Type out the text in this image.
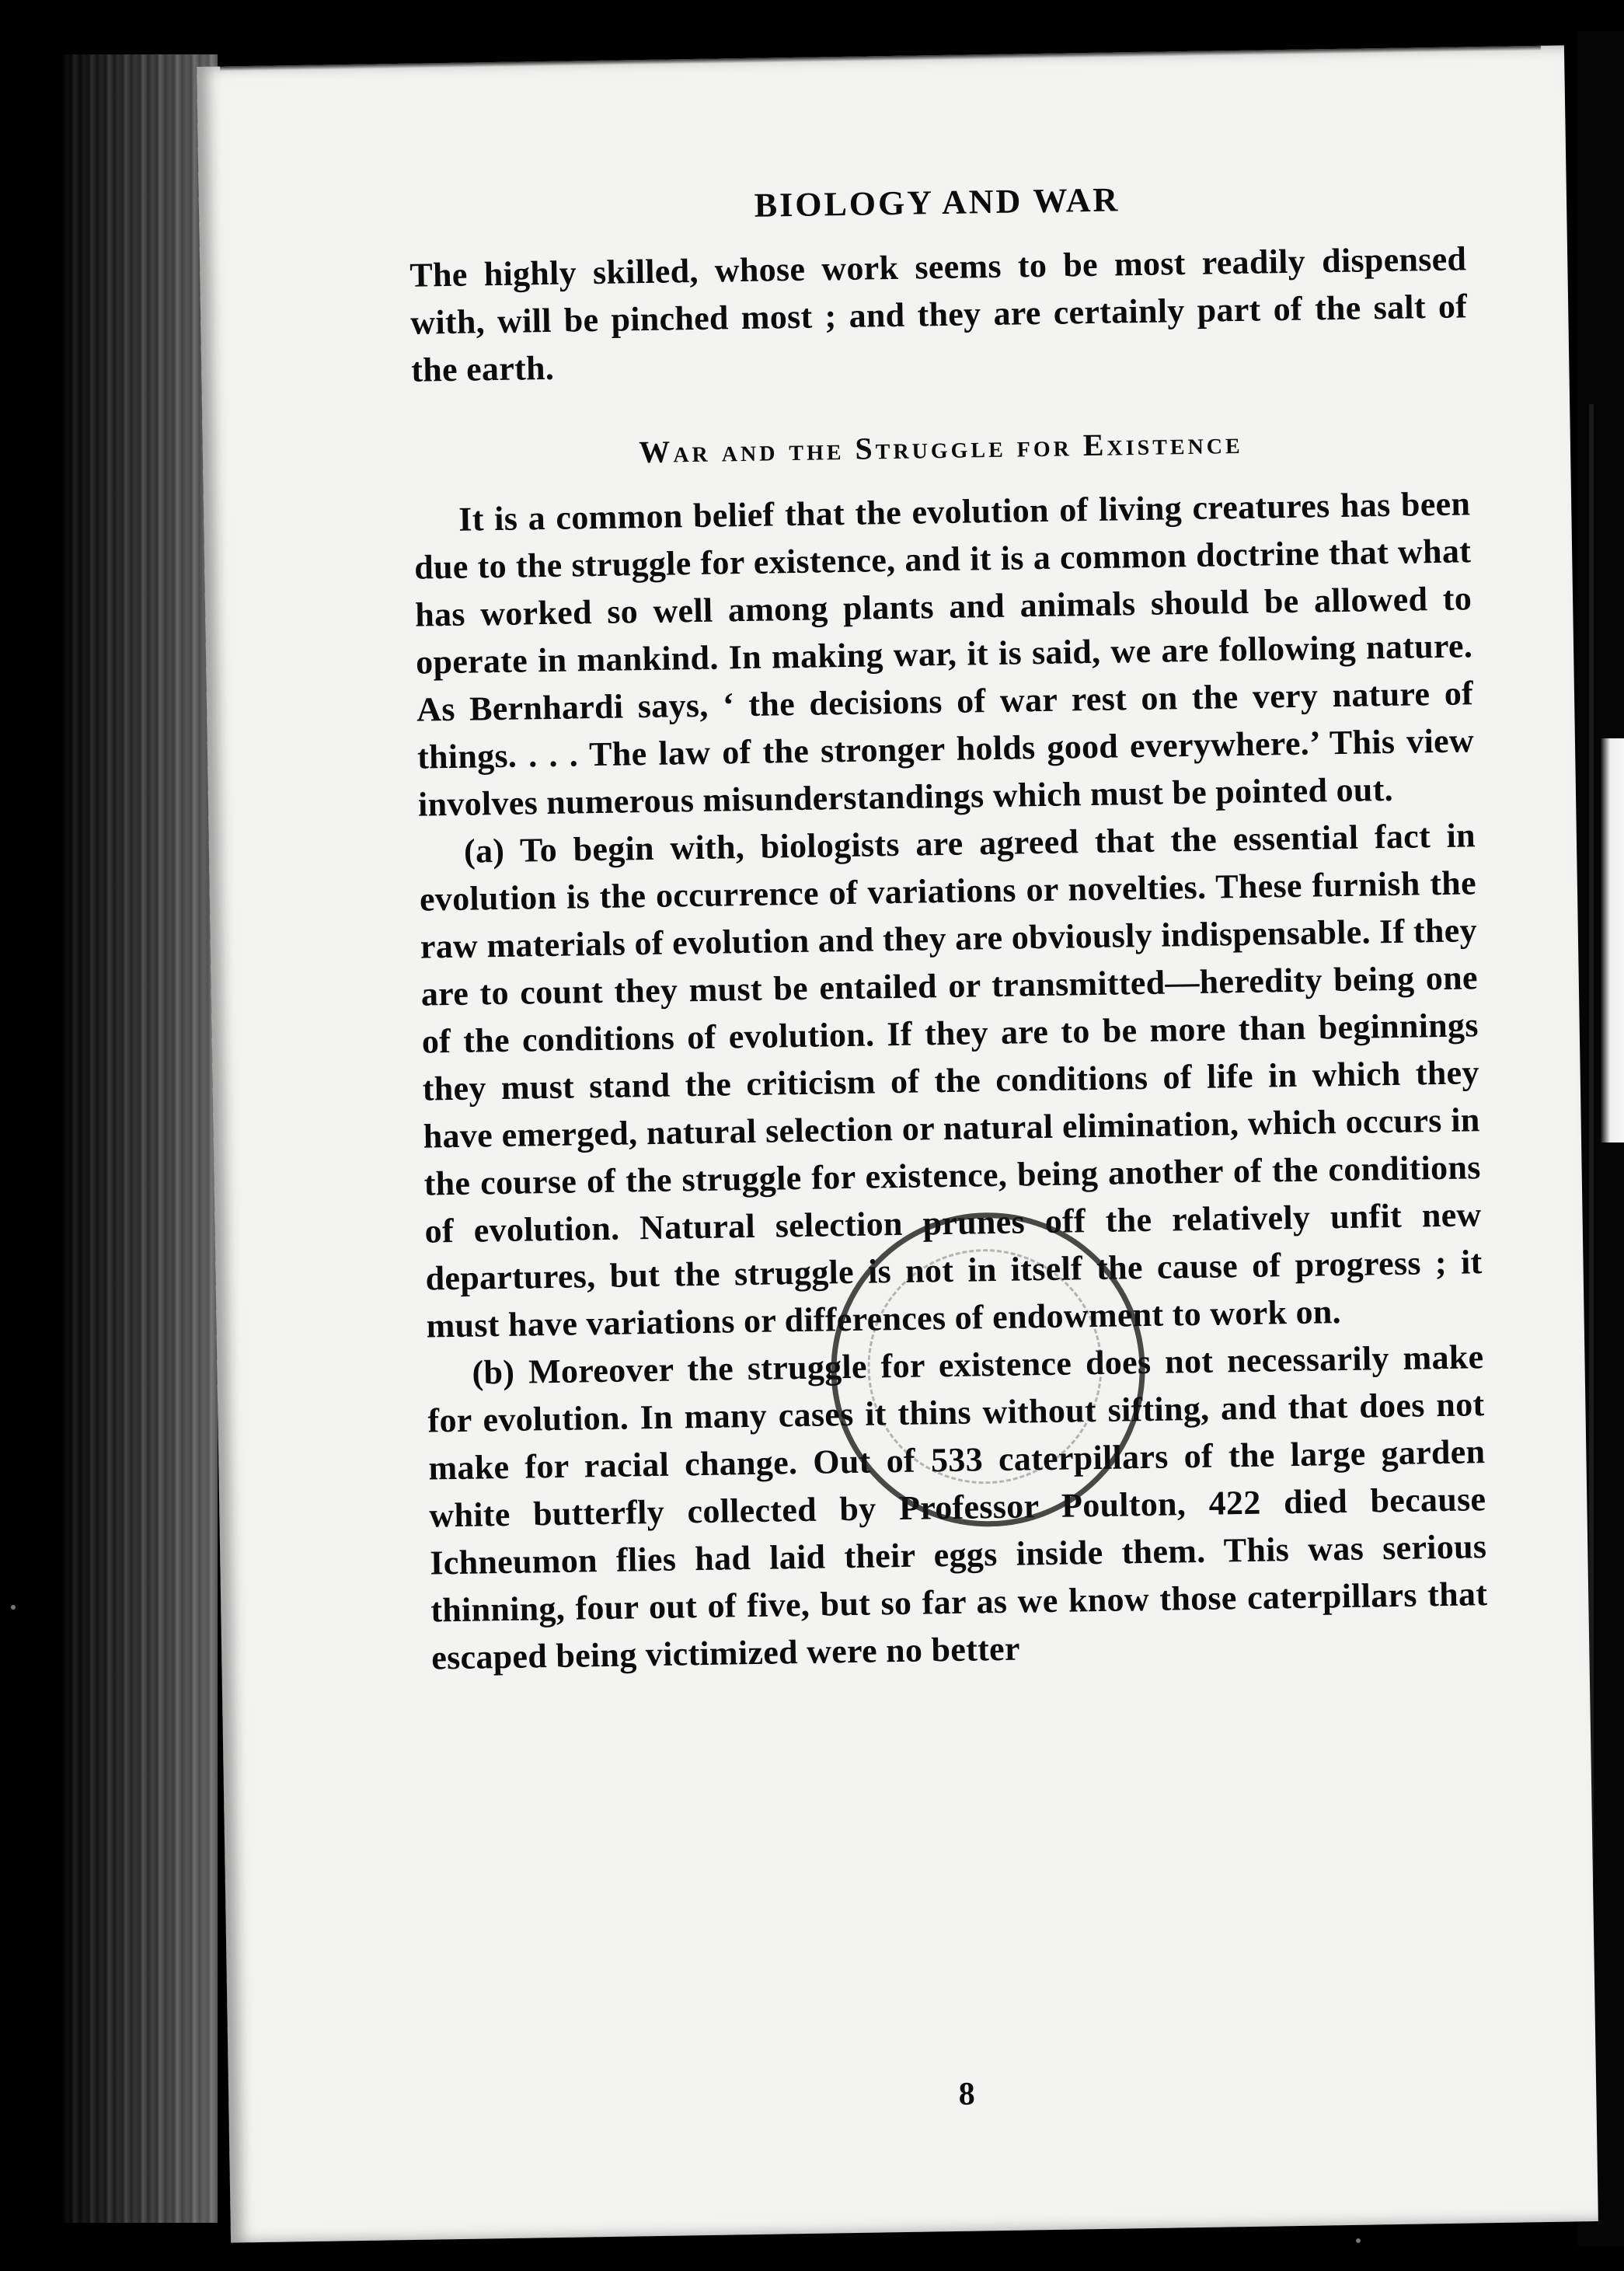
BIOLOGY AND WAR

The highly skilled, whose work seems to be most readily dispensed with, will be pinched most ; and they are certainly part of the salt of the earth.

War and the Struggle for Existence

It is a common belief that the evolution of living creatures has been due to the struggle for existence, and it is a common doctrine that what has worked so well among plants and animals should be allowed to operate in mankind. In making war, it is said, we are following nature. As Bernhardi says, ‘ the decisions of war rest on the very nature of things. . . . The law of the stronger holds good everywhere.’ This view involves numerous misunderstandings which must be pointed out.

(a) To begin with, biologists are agreed that the essential fact in evolution is the occurrence of variations or novelties. These furnish the raw materials of evolution and they are obviously indispensable. If they are to count they must be entailed or transmitted—heredity being one of the conditions of evolution. If they are to be more than beginnings they must stand the criticism of the conditions of life in which they have emerged, natural selection or natural elimination, which occurs in the course of the struggle for existence, being another of the conditions of evolution. Natural selection prunes off the relatively unfit new departures, but the struggle is not in itself the cause of progress ; it must have variations or differences of endowment to work on.

(b) Moreover the struggle for existence does not necessarily make for evolution. In many cases it thins without sifting, and that does not make for racial change. Out of 533 caterpillars of the large garden white butterfly collected by Professor Poulton, 422 died because Ichneumon flies had laid their eggs inside them. This was serious thinning, four out of five, but so far as we know those caterpillars that escaped being victimized were no better

8
